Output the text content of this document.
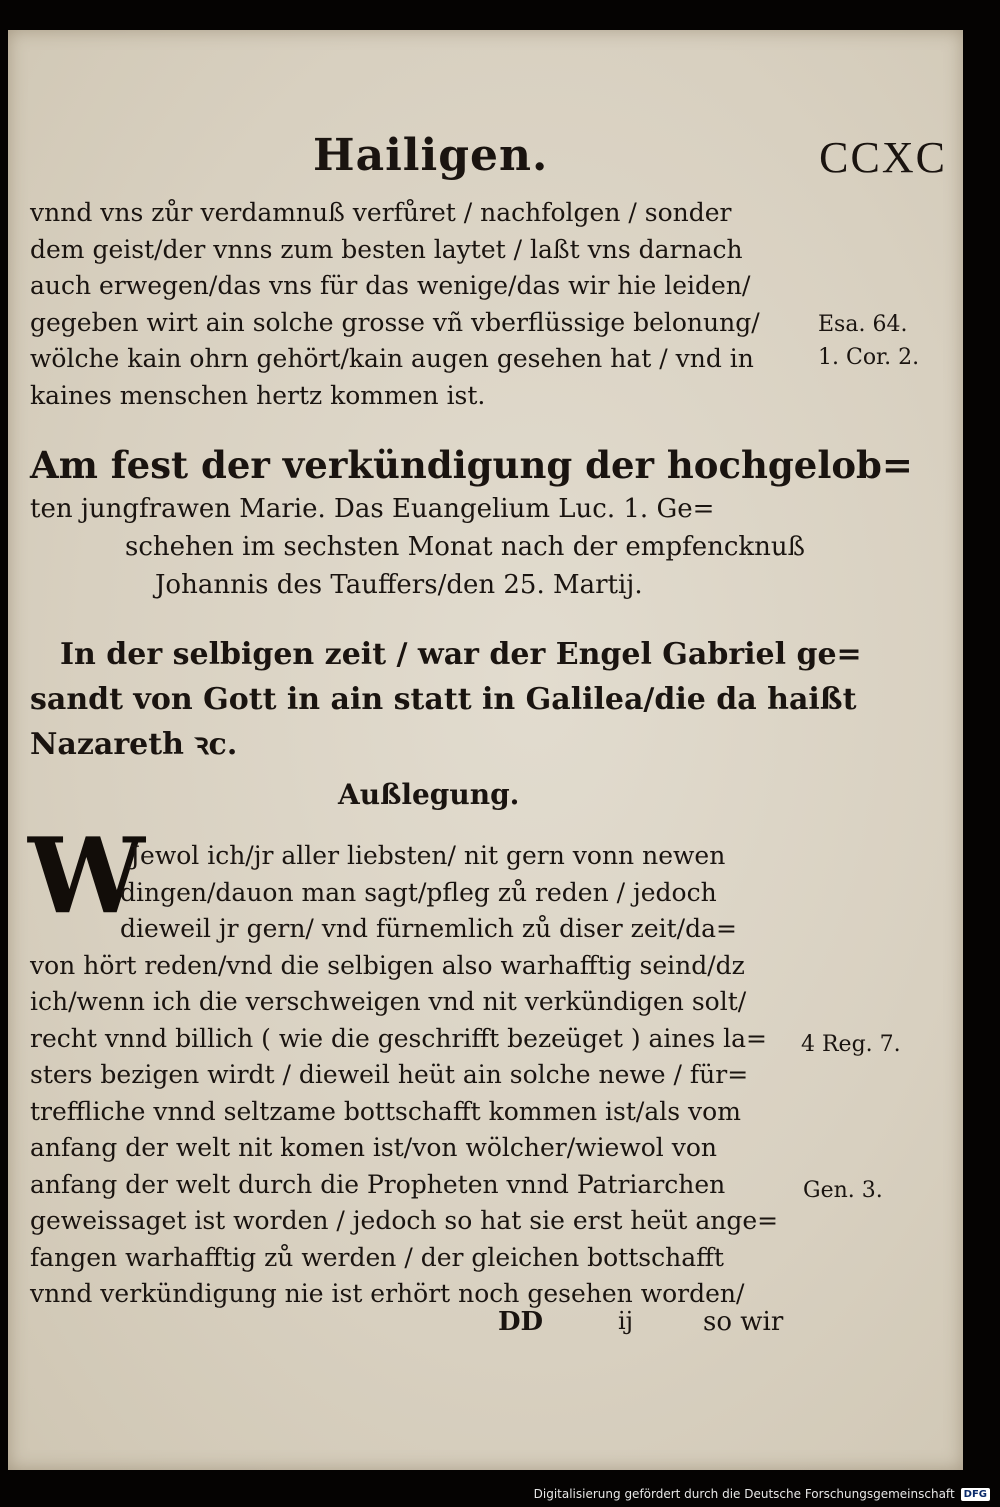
Hailigen.	CCXC
vnnd vns zůr verdamnuß verfůret / nachfolgen / sonder
dem geist/der vnns zum besten laytet / laßt vns darnach
auch erwegen/das vns für das wenige/das wir hie leiden/
gegeben wirt ain solche grosse vñ vberflüssige belonung/
wölche kain ohrn gehört/kain augen gesehen hat / vnd in
kaines menschen hertz kommen ist.
Esa. 64.
1. Cor. 2.
Am fest der verkündigung der hochgelob=
ten jungfrawen Marie. Das Euangelium Luc. 1. Ge=
schehen im sechsten Monat nach der empfencknuß
Johannis des Tauffers/den 25. Martij.
In der selbigen zeit / war der Engel Gabriel ge=
sandt von Gott in ain statt in Galilea/die da haißt
Nazareth ꝛc.
Außlegung.
W
Jewol ich/jr aller liebsten/ nit gern vonn newen
dingen/dauon man sagt/pfleg zů reden / jedoch
dieweil jr gern/ vnd fürnemlich zů diser zeit/da=
von hört reden/vnd die selbigen also warhafftig seind/dz
ich/wenn ich die verschweigen vnd nit verkündigen solt/
recht vnnd billich ( wie die geschrifft bezeüget ) aines la=
sters bezigen wirdt / dieweil heüt ain solche newe / für=
treffliche vnnd seltzame bottschafft kommen ist/als vom
anfang der welt nit komen ist/von wölcher/wiewol von
anfang der welt durch die Propheten vnnd Patriarchen
geweissaget ist worden / jedoch so hat sie erst heüt ange=
fangen warhafftig zů werden / der gleichen bottschafft
vnnd verkündigung nie ist erhört noch gesehen worden/
4 Reg. 7.
Gen. 3.
DD	ij	so wir
Digitalisierung gefördert durch die Deutsche Forschungsgemeinschaft DFG
